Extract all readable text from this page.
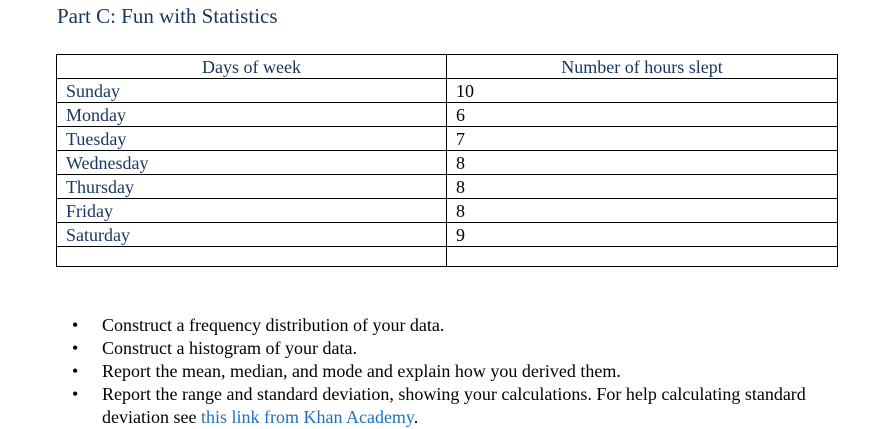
Part C: Fun with Statistics
Days of week	Number of hours slept
Sunday	10
Monday	6
Tuesday	7
Wednesday	8
Thursday	8
Friday	8
Saturday	9

• Construct a frequency distribution of your data.
• Construct a histogram of your data.
• Report the mean, median, and mode and explain how you derived them.
• Report the range and standard deviation, showing your calculations. For help calculating standard deviation see this link from Khan Academy.
